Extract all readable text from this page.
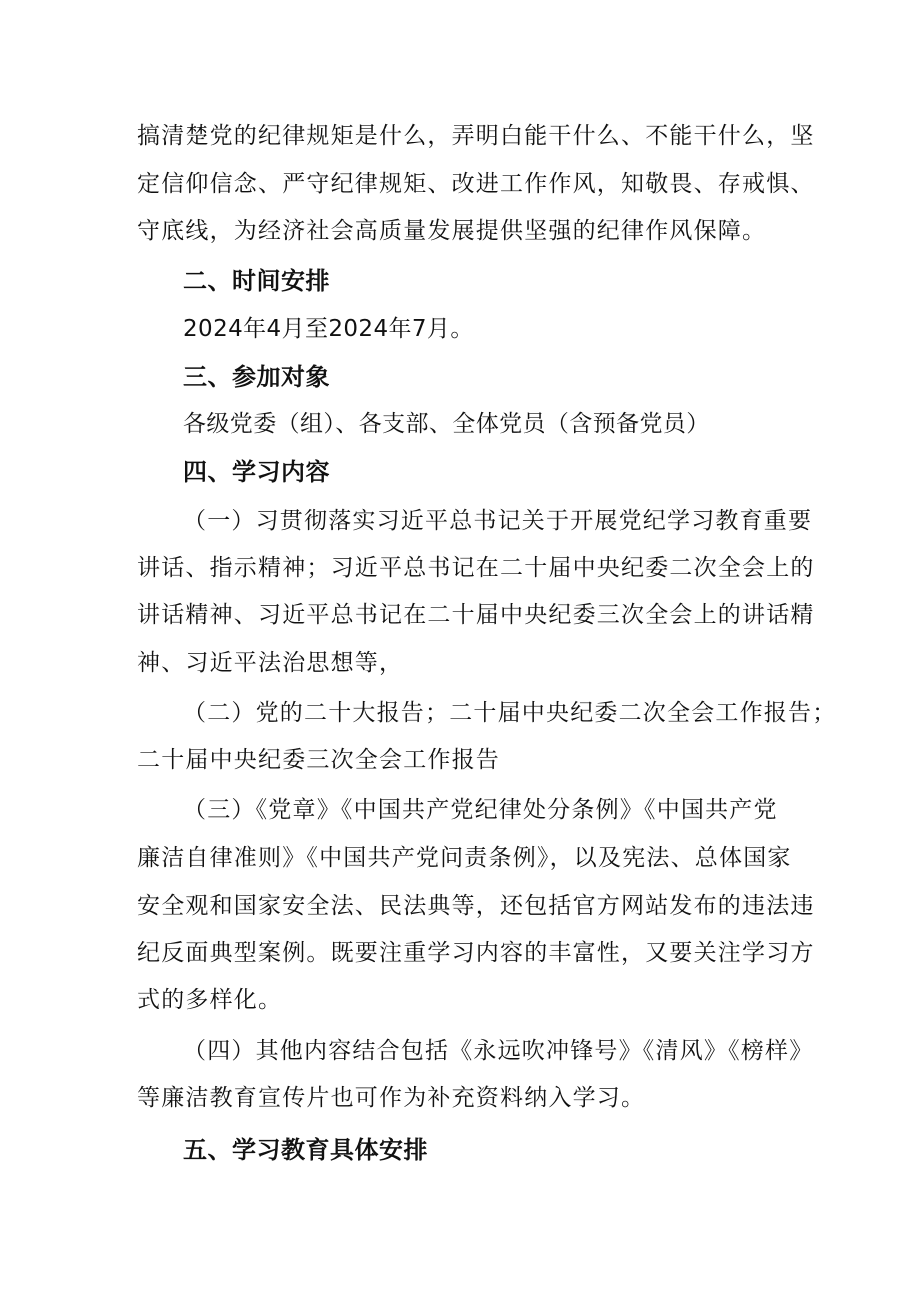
搞清楚党的纪律规矩是什么，弄明白能干什么、不能干什么，坚
定信仰信念、严守纪律规矩、改进工作作风，知敬畏、存戒惧、
守底线，为经济社会高质量发展提供坚强的纪律作风保障。
二、时间安排
2024年4月至2024年7月。
三、参加对象
各级党委（组）、各支部、全体党员（含预备党员）
四、学习内容
（一）习贯彻落实习近平总书记关于开展党纪学习教育重要
讲话、指示精神；习近平总书记在二十届中央纪委二次全会上的
讲话精神、习近平总书记在二十届中央纪委三次全会上的讲话精
神、习近平法治思想等，
（二）党的二十大报告；二十届中央纪委二次全会工作报告；
二十届中央纪委三次全会工作报告
（三）《党章》《中国共产党纪律处分条例》《中国共产党
廉洁自律准则》《中国共产党问责条例》，以及宪法、总体国家
安全观和国家安全法、民法典等，还包括官方网站发布的违法违
纪反面典型案例。既要注重学习内容的丰富性，又要关注学习方
式的多样化。
（四）其他内容结合包括《永远吹冲锋号》《清风》《榜样》
等廉洁教育宣传片也可作为补充资料纳入学习。
五、学习教育具体安排
